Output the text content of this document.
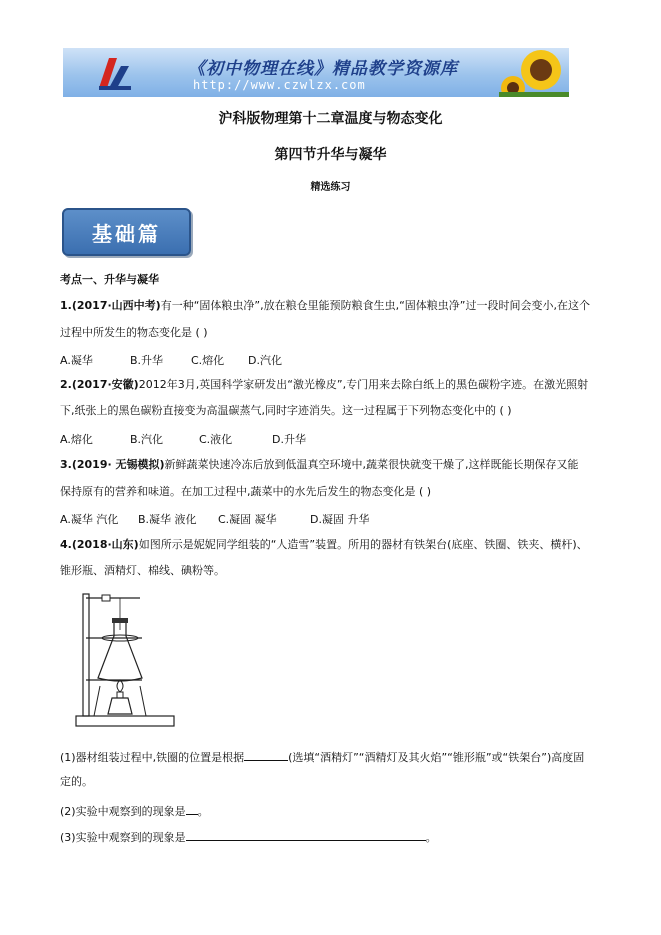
《初中物理在线》精品教学资源库
http://www.czwlzx.com
沪科版物理第十二章温度与物态变化
第四节升华与凝华
精选练习
基础篇
考点一、升华与凝华
1.(2017·山西中考)有一种“固体粮虫净”,放在粮仓里能预防粮食生虫,“固体粮虫净”过一段时间会变小,在这个
过程中所发生的物态变化是 ( )
A.凝华	B.升华	C.熔化 D.汽化
2.(2017·安徽)2012年3月,英国科学家研发出“激光橡皮”,专门用来去除白纸上的黑色碳粉字迹。在激光照射
下,纸张上的黑色碳粉直接变为高温碳蒸气,同时字迹消失。这一过程属于下列物态变化中的 ( )
A.熔化	B.汽化	C.液化	D.升华
3.(2019· 无锡模拟)新鲜蔬菜快速冷冻后放到低温真空环境中,蔬菜很快就变干燥了,这样既能长期保存又能
保持原有的营养和味道。在加工过程中,蔬菜中的水先后发生的物态变化是 ( )
A.凝华 汽化 B.凝华 液化 C.凝固 凝华	D.凝固 升华
4.(2018·山东)如图所示是妮妮同学组装的“人造雪”装置。所用的器材有铁架台(底座、铁圈、铁夹、横杆)、
锥形瓶、酒精灯、棉线、碘粉等。
(1)器材组装过程中,铁圈的位置是根据	(选填“酒精灯”“酒精灯及其火焰”“锥形瓶”或“铁架台”)高度固
定的。
(2)实验中观察到的现象是 。
(3)实验中观察到的现象是	。
